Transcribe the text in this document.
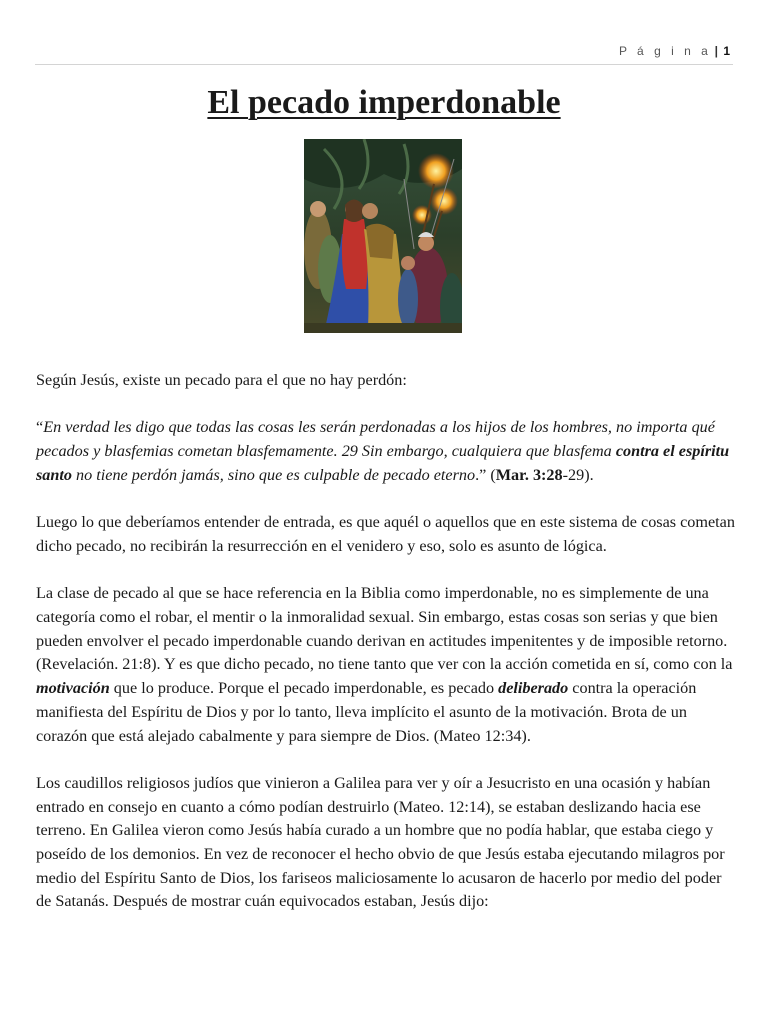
P á g i n a | 1
El pecado imperdonable

Según Jesús, existe un pecado para el que no hay perdón:

“En verdad les digo que todas las cosas les serán perdonadas a los hijos de los hombres, no importa qué pecados y blasfemias cometan blasfemamente. 29 Sin embargo, cualquiera que blasfema contra el espíritu santo no tiene perdón jamás, sino que es culpable de pecado eterno.” (Mar. 3:28-29).

Luego lo que deberíamos entender de entrada, es que aquél o aquellos que en este sistema de cosas cometan dicho pecado, no recibirán la resurrección en el venidero y eso, solo es asunto de lógica.

La clase de pecado al que se hace referencia en la Biblia como imperdonable, no es simplemente de una categoría como el robar, el mentir o la inmoralidad sexual. Sin embargo, estas cosas son serias y que bien pueden envolver el pecado imperdonable cuando derivan en actitudes impenitentes y de imposible retorno. (Revelación. 21:8). Y es que dicho pecado, no tiene tanto que ver con la acción cometida en sí, como con la motivación que lo produce. Porque el pecado imperdonable, es pecado deliberado contra la operación manifiesta del Espíritu de Dios y por lo tanto, lleva implícito el asunto de la motivación. Brota de un corazón que está alejado cabalmente y para siempre de Dios. (Mateo 12:34).

Los caudillos religiosos judíos que vinieron a Galilea para ver y oír a Jesucristo en una ocasión y habían entrado en consejo en cuanto a cómo podían destruirlo (Mateo. 12:14), se estaban deslizando hacia ese terreno. En Galilea vieron como Jesús había curado a un hombre que no podía hablar, que estaba ciego y poseído de los demonios. En vez de reconocer el hecho obvio de que Jesús estaba ejecutando milagros por medio del Espíritu Santo de Dios, los fariseos maliciosamente lo acusaron de hacerlo por medio del poder de Satanás. Después de mostrar cuán equivocados estaban, Jesús dijo:
